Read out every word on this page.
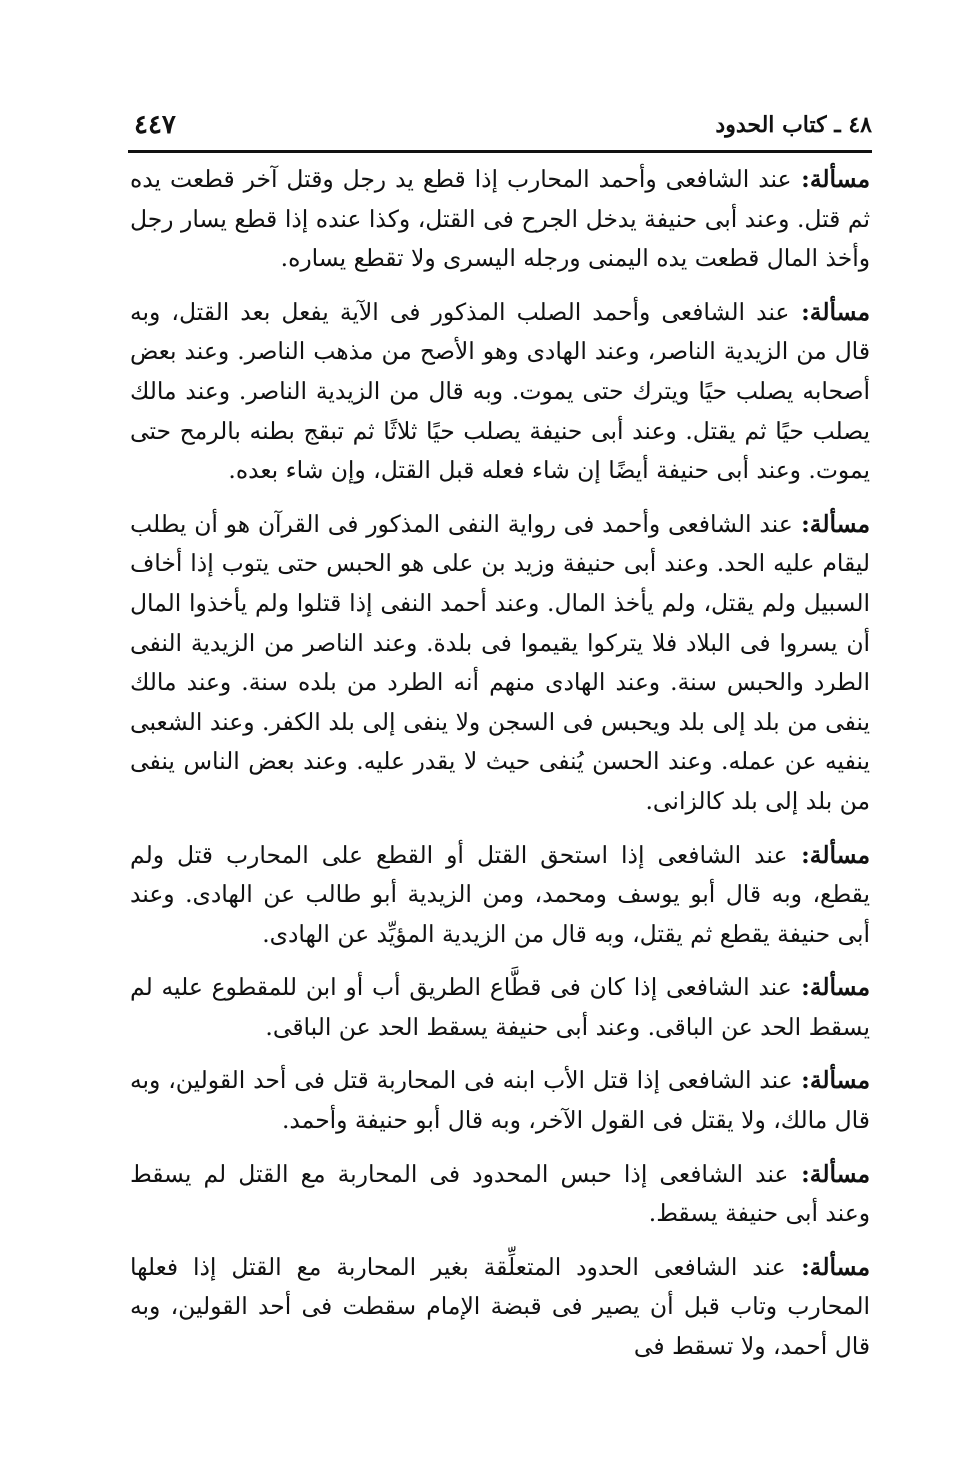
٤٨ ـ كتاب الحدود
٤٤٧

مسألة: عند الشافعى وأحمد المحارب إذا قطع يد رجل وقتل آخر قطعت يده ثم قتل. وعند أبى حنيفة يدخل الجرح فى القتل، وكذا عنده إذا قطع يسار رجل وأخذ المال قطعت يده اليمنى ورجله اليسرى ولا تقطع يساره.

مسألة: عند الشافعى وأحمد الصلب المذكور فى الآية يفعل بعد القتل، وبه قال من الزيدية الناصر، وعند الهادى وهو الأصح من مذهب الناصر. وعند بعض أصحابه يصلب حيًا ويترك حتى يموت. وبه قال من الزيدية الناصر. وعند مالك يصلب حيًا ثم يقتل. وعند أبى حنيفة يصلب حيًا ثلاثًا ثم تبقج بطنه بالرمح حتى يموت. وعند أبى حنيفة أيضًا إن شاء فعله قبل القتل، وإن شاء بعده.

مسألة: عند الشافعى وأحمد فى رواية النفى المذكور فى القرآن هو أن يطلب ليقام عليه الحد. وعند أبى حنيفة وزيد بن على هو الحبس حتى يتوب إذا أخاف السبيل ولم يقتل، ولم يأخذ المال. وعند أحمد النفى إذا قتلوا ولم يأخذوا المال أن يسروا فى البلاد فلا يتركوا يقيموا فى بلدة. وعند الناصر من الزيدية النفى الطرد والحبس سنة. وعند الهادى منهم أنه الطرد من بلده سنة. وعند مالك ينفى من بلد إلى بلد ويحبس فى السجن ولا ينفى إلى بلد الكفر. وعند الشعبى ينفيه عن عمله. وعند الحسن يُنفى حيث لا يقدر عليه. وعند بعض الناس ينفى من بلد إلى بلد كالزانى.

مسألة: عند الشافعى إذا استحق القتل أو القطع على المحارب قتل ولم يقطع، وبه قال أبو يوسف ومحمد، ومن الزيدية أبو طالب عن الهادى. وعند أبى حنيفة يقطع ثم يقتل، وبه قال من الزيدية المؤيِّد عن الهادى.

مسألة: عند الشافعى إذا كان فى قطَّاع الطريق أب أو ابن للمقطوع عليه لم يسقط الحد عن الباقى. وعند أبى حنيفة يسقط الحد عن الباقى.

مسألة: عند الشافعى إذا قتل الأب ابنه فى المحاربة قتل فى أحد القولين، وبه قال مالك، ولا يقتل فى القول الآخر، وبه قال أبو حنيفة وأحمد.

مسألة: عند الشافعى إذا حبس المحدود فى المحاربة مع القتل لم يسقط وعند أبى حنيفة يسقط.

مسألة: عند الشافعى الحدود المتعلِّقة بغير المحاربة مع القتل إذا فعلها المحارب وتاب قبل أن يصير فى قبضة الإمام سقطت فى أحد القولين، وبه قال أحمد، ولا تسقط فى
